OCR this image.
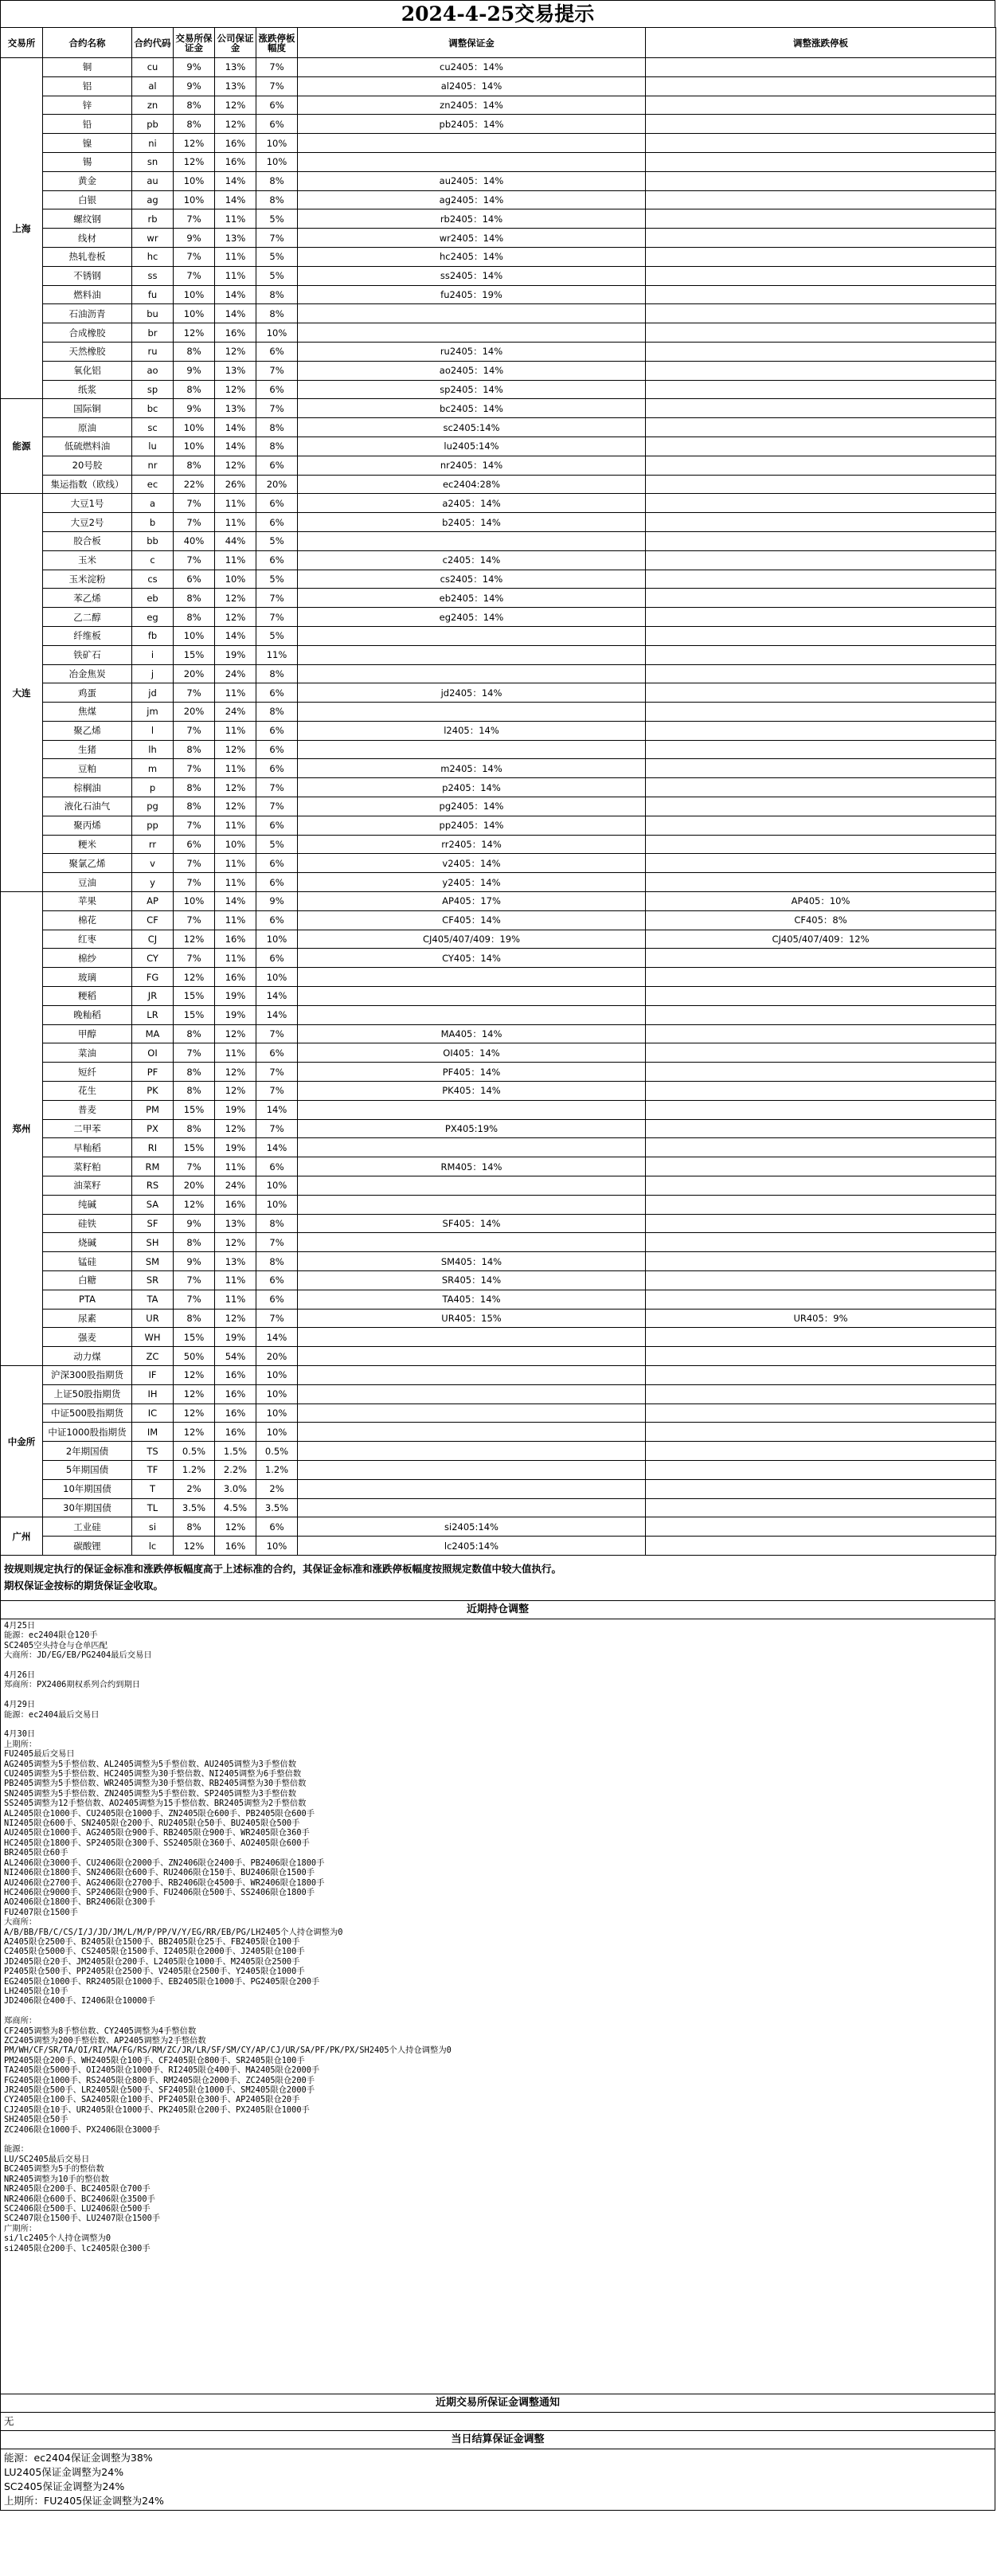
2024-4-25交易提示
交易所	合约名称	合约代码	交易所保证金	公司保证金	涨跌停板幅度	调整保证金	调整涨跌停板
上海	铜	cu	9%	13%	7%	cu2405：14%	
	铝	al	9%	13%	7%	al2405：14%	
	锌	zn	8%	12%	6%	zn2405：14%	
	铅	pb	8%	12%	6%	pb2405：14%	
	镍	ni	12%	16%	10%		
	锡	sn	12%	16%	10%		
	黄金	au	10%	14%	8%	au2405：14%	
	白银	ag	10%	14%	8%	ag2405：14%	
	螺纹钢	rb	7%	11%	5%	rb2405：14%	
	线材	wr	9%	13%	7%	wr2405：14%	
	热轧卷板	hc	7%	11%	5%	hc2405：14%	
	不锈钢	ss	7%	11%	5%	ss2405：14%	
	燃料油	fu	10%	14%	8%	fu2405：19%	
	石油沥青	bu	10%	14%	8%		
	合成橡胶	br	12%	16%	10%		
	天然橡胶	ru	8%	12%	6%	ru2405：14%	
	氧化铝	ao	9%	13%	7%	ao2405：14%	
	纸浆	sp	8%	12%	6%	sp2405：14%	
能源	国际铜	bc	9%	13%	7%	bc2405：14%	
	原油	sc	10%	14%	8%	sc2405:14%	
	低硫燃料油	lu	10%	14%	8%	lu2405:14%	
	20号胶	nr	8%	12%	6%	nr2405：14%	
	集运指数（欧线）	ec	22%	26%	20%	ec2404:28%	
大连	大豆1号	a	7%	11%	6%	a2405：14%	
	大豆2号	b	7%	11%	6%	b2405：14%	
	胶合板	bb	40%	44%	5%		
	玉米	c	7%	11%	6%	c2405：14%	
	玉米淀粉	cs	6%	10%	5%	cs2405：14%	
	苯乙烯	eb	8%	12%	7%	eb2405：14%	
	乙二醇	eg	8%	12%	7%	eg2405：14%	
	纤维板	fb	10%	14%	5%		
	铁矿石	i	15%	19%	11%		
	冶金焦炭	j	20%	24%	8%		
	鸡蛋	jd	7%	11%	6%	jd2405：14%	
	焦煤	jm	20%	24%	8%		
	聚乙烯	l	7%	11%	6%	l2405：14%	
	生猪	lh	8%	12%	6%		
	豆粕	m	7%	11%	6%	m2405：14%	
	棕榈油	p	8%	12%	7%	p2405：14%	
	液化石油气	pg	8%	12%	7%	pg2405：14%	
	聚丙烯	pp	7%	11%	6%	pp2405：14%	
	粳米	rr	6%	10%	5%	rr2405：14%	
	聚氯乙烯	v	7%	11%	6%	v2405：14%	
	豆油	y	7%	11%	6%	y2405：14%	
郑州	苹果	AP	10%	14%	9%	AP405：17%	AP405：10%
	棉花	CF	7%	11%	6%	CF405：14%	CF405：8%
	红枣	CJ	12%	16%	10%	CJ405/407/409：19%	CJ405/407/409：12%
	棉纱	CY	7%	11%	6%	CY405：14%	
	玻璃	FG	12%	16%	10%		
	粳稻	JR	15%	19%	14%		
	晚籼稻	LR	15%	19%	14%		
	甲醇	MA	8%	12%	7%	MA405：14%	
	菜油	OI	7%	11%	6%	OI405：14%	
	短纤	PF	8%	12%	7%	PF405：14%	
	花生	PK	8%	12%	7%	PK405：14%	
	普麦	PM	15%	19%	14%		
	二甲苯	PX	8%	12%	7%	PX405:19%	
	早籼稻	RI	15%	19%	14%		
	菜籽粕	RM	7%	11%	6%	RM405：14%	
	油菜籽	RS	20%	24%	10%		
	纯碱	SA	12%	16%	10%		
	硅铁	SF	9%	13%	8%	SF405：14%	
	烧碱	SH	8%	12%	7%		
	锰硅	SM	9%	13%	8%	SM405：14%	
	白糖	SR	7%	11%	6%	SR405：14%	
	PTA	TA	7%	11%	6%	TA405：14%	
	尿素	UR	8%	12%	7%	UR405：15%	UR405：9%
	强麦	WH	15%	19%	14%		
	动力煤	ZC	50%	54%	20%		
中金所	沪深300股指期货	IF	12%	16%	10%		
	上证50股指期货	IH	12%	16%	10%		
	中证500股指期货	IC	12%	16%	10%		
	中证1000股指期货	IM	12%	16%	10%		
	2年期国债	TS	0.5%	1.5%	0.5%		
	5年期国债	TF	1.2%	2.2%	1.2%		
	10年期国债	T	2%	3.0%	2%		
	30年期国债	TL	3.5%	4.5%	3.5%		
广州	工业硅	si	8%	12%	6%	si2405:14%	
	碳酸锂	lc	12%	16%	10%	lc2405:14%	
按规则规定执行的保证金标准和涨跌停板幅度高于上述标准的合约，其保证金标准和涨跌停板幅度按照规定数值中较大值执行。
期权保证金按标的期货保证金收取。
近期持仓调整
4月25日
能源：ec2404限仓120手
SC2405空头持仓与仓单匹配
大商所：JD/EG/EB/PG2404最后交易日

4月26日
郑商所：PX2406期权系列合约到期日

4月29日
能源：ec2404最后交易日

4月30日
上期所：
FU2405最后交易日
AG2405调整为5手整倍数、AL2405调整为5手整倍数、AU2405调整为3手整倍数
CU2405调整为5手整倍数、HC2405调整为30手整倍数、NI2405调整为6手整倍数
PB2405调整为5手整倍数、WR2405调整为30手整倍数、RB2405调整为30手整倍数
SN2405调整为5手整倍数、ZN2405调整为5手整倍数、SP2405调整为3手整倍数
SS2405调整为12手整倍数、AO2405调整为15手整倍数、BR2405调整为2手整倍数
AL2405限仓1000手、CU2405限仓1000手、ZN2405限仓600手、PB2405限仓600手
NI2405限仓600手、SN2405限仓200手、RU2405限仓50手、BU2405限仓500手
AU2405限仓1000手、AG2405限仓900手、RB2405限仓900手、WR2405限仓360手
HC2405限仓1800手、SP2405限仓300手、SS2405限仓360手、AO2405限仓600手
BR2405限仓60手
AL2406限仓3000手、CU2406限仓2000手、ZN2406限仓2400手、PB2406限仓1800手
NI2406限仓1800手、SN2406限仓600手、RU2406限仓150手、BU2406限仓1500手
AU2406限仓2700手、AG2406限仓2700手、RB2406限仓4500手、WR2406限仓1800手
HC2406限仓9000手、SP2406限仓900手、FU2406限仓500手、SS2406限仓1800手
AO2406限仓1800手、BR2406限仓300手
FU2407限仓1500手
大商所：
A/B/BB/FB/C/CS/I/J/JD/JM/L/M/P/PP/V/Y/EG/RR/EB/PG/LH2405个人持仓调整为0
A2405限仓2500手、B2405限仓1500手、BB2405限仓25手、FB2405限仓100手
C2405限仓5000手、CS2405限仓1500手、I2405限仓2000手、J2405限仓100手
JD2405限仓20手、JM2405限仓200手、L2405限仓1000手、M2405限仓2500手
P2405限仓500手、PP2405限仓2500手、V2405限仓2500手、Y2405限仓1000手
EG2405限仓1000手、RR2405限仓1000手、EB2405限仓1000手、PG2405限仓200手
LH2405限仓10手
JD2406限仓400手、I2406限仓10000手

郑商所：
CF2405调整为8手整倍数、CY2405调整为4手整倍数
ZC2405调整为200手整倍数、AP2405调整为2手整倍数
PM/WH/CF/SR/TA/OI/RI/MA/FG/RS/RM/ZC/JR/LR/SF/SM/CY/AP/CJ/UR/SA/PF/PK/PX/SH2405个人持仓调整为0
PM2405限仓200手、WH2405限仓100手、CF2405限仓800手、SR2405限仓100手
TA2405限仓5000手、OI2405限仓1000手、RI2405限仓400手、MA2405限仓2000手
FG2405限仓1000手、RS2405限仓800手、RM2405限仓2000手、ZC2405限仓200手
JR2405限仓500手、LR2405限仓500手、SF2405限仓1000手、SM2405限仓2000手
CY2405限仓100手、SA2405限仓100手、PF2405限仓300手、AP2405限仓20手
CJ2405限仓10手、UR2405限仓1000手、PK2405限仓200手、PX2405限仓1000手
SH2405限仓50手
ZC2406限仓1000手、PX2406限仓3000手

能源：
LU/SC2405最后交易日
BC2405调整为5手的整倍数
NR2405调整为10手的整倍数
NR2405限仓200手、BC2405限仓700手
NR2406限仓600手、BC2406限仓3500手
SC2406限仓500手、LU2406限仓500手
SC2407限仓1500手、LU2407限仓1500手
广期所：
si/lc2405个人持仓调整为0
si2405限仓200手、lc2405限仓300手
近期交易所保证金调整通知
无
当日结算保证金调整
能源：ec2404保证金调整为38%
LU2405保证金调整为24%
SC2405保证金调整为24%
上期所：FU2405保证金调整为24%
